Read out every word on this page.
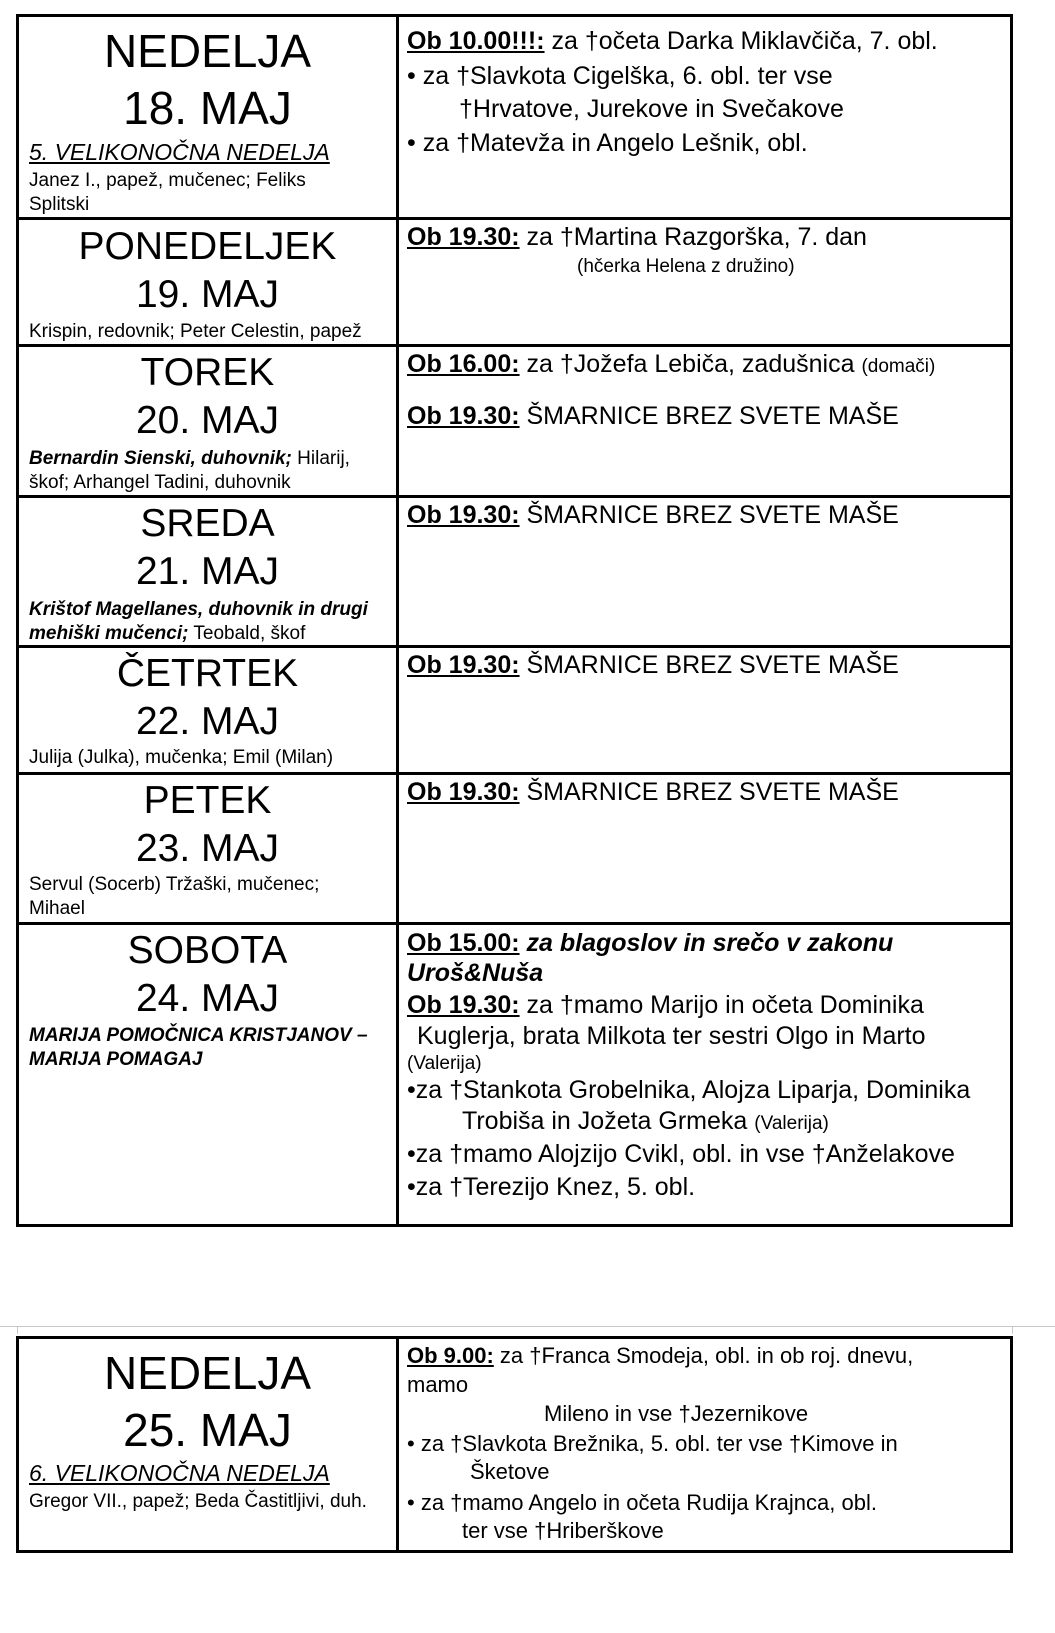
NEDELJA
18. MAJ
5. VELIKONOČNA NEDELJA
Janez I., papež, mučenec; Feliks Splitski
Ob 10.00!!!: za †očeta Darka Miklavčiča, 7. obl.
• za †Slavkota Cigelška, 6. obl. ter vse
†Hrvatove, Jurekove in Svečakove
• za †Matevža in Angelo Lešnik, obl.
PONEDELJEK
19. MAJ
Krispin, redovnik; Peter Celestin, papež
Ob 19.30: za †Martina Razgorška, 7. dan
(hčerka Helena z družino)
TOREK
20. MAJ
Bernardin Sienski, duhovnik; Hilarij, škof; Arhangel Tadini, duhovnik
Ob 16.00: za †Jožefa Lebiča, zadušnica (domači)
Ob 19.30: ŠMARNICE BREZ SVETE MAŠE
SREDA
21. MAJ
Krištof Magellanes, duhovnik in drugi mehiški mučenci; Teobald, škof
Ob 19.30: ŠMARNICE BREZ SVETE MAŠE
ČETRTEK
22. MAJ
Julija (Julka), mučenka; Emil (Milan)
Ob 19.30: ŠMARNICE BREZ SVETE MAŠE
PETEK
23. MAJ
Servul (Socerb) Tržaški, mučenec; Mihael
Ob 19.30: ŠMARNICE BREZ SVETE MAŠE
SOBOTA
24. MAJ
MARIJA POMOČNICA KRISTJANOV – MARIJA POMAGAJ
Ob 15.00: za blagoslov in srečo v zakonu
Uroš&Nuša
Ob 19.30: za †mamo Marijo in očeta Dominika
Kuglerja, brata Milkota ter sestri Olgo in Marto
(Valerija)
•za †Stankota Grobelnika, Alojza Liparja, Dominika
Trobiša in Jožeta Grmeka (Valerija)
•za †mamo Alojzijo Cvikl, obl. in vse †Anželakove
•za †Terezijo Knez, 5. obl.
NEDELJA
25. MAJ
6. VELIKONOČNA NEDELJA
Gregor VII., papež; Beda Častitljivi, duh.
Ob 9.00: za †Franca Smodeja, obl. in ob roj. dnevu,
mamo
Mileno in vse †Jezernikove
• za †Slavkota Brežnika, 5. obl. ter vse †Kimove in
Šketove
• za †mamo Angelo in očeta Rudija Krajnca, obl.
ter vse †Hriberškove
